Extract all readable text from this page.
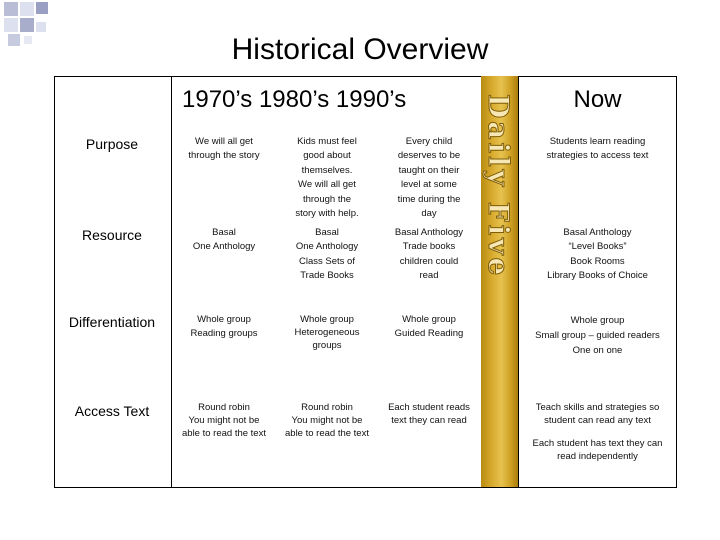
Historical Overview
Daily Five
1970’s 1980’s 1990’s	Now
Purpose
Resource
Differentiation
Access Text
We will all get
through the story
Kids must feel
good about
themselves.
We will all get
through the
story with help.
Every child
deserves to be
taught on their
level at some
time during the
day
Students learn reading
strategies to access text
Basal
One Anthology
Basal
One Anthology
Class Sets of
Trade Books
Basal Anthology
Trade books
children could
read
Basal Anthology
“Level Books”
Book Rooms
Library Books of Choice
Whole group
Reading groups
Whole group
Heterogeneous
groups
Whole group
Guided Reading
Whole group
Small group – guided readers
One on one
Round robin
You might not be
able to read the text
Round robin
You might not be
able to read the text
Each student reads
text they can read
Teach skills and strategies so
student can read any text
Each student has text they can
read independently
